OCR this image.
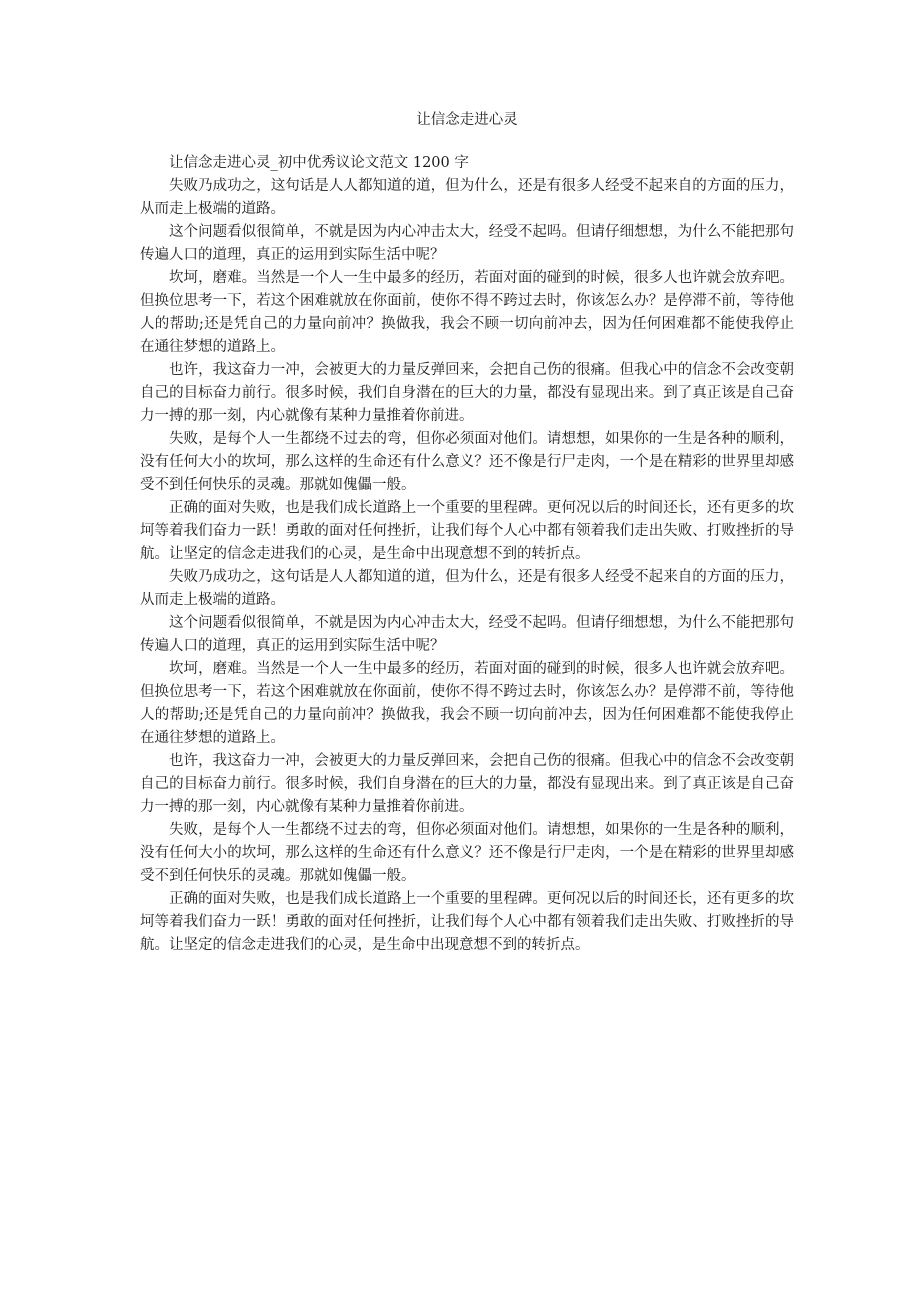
让信念走进心灵

让信念走进心灵_初中优秀议论文范文 1200 字

失败乃成功之，这句话是人人都知道的道，但为什么，还是有很多人经受不起来自的方面的压力，从而走上极端的道路。

这个问题看似很简单，不就是因为内心冲击太大，经受不起吗。但请仔细想想，为什么不能把那句传遍人口的道理，真正的运用到实际生活中呢？

坎坷，磨难。当然是一个人一生中最多的经历，若面对面的碰到的时候，很多人也许就会放弃吧。但换位思考一下，若这个困难就放在你面前，使你不得不跨过去时，你该怎么办？是停滞不前，等待他人的帮助;还是凭自己的力量向前冲？换做我，我会不顾一切向前冲去，因为任何困难都不能使我停止在通往梦想的道路上。

也许，我这奋力一冲，会被更大的力量反弹回来，会把自己伤的很痛。但我心中的信念不会改变朝自己的目标奋力前行。很多时候，我们自身潜在的巨大的力量，都没有显现出来。到了真正该是自己奋力一搏的那一刻，内心就像有某种力量推着你前进。

失败，是每个人一生都绕不过去的弯，但你必须面对他们。请想想，如果你的一生是各种的顺利，没有任何大小的坎坷，那么这样的生命还有什么意义？还不像是行尸走肉，一个是在精彩的世界里却感受不到任何快乐的灵魂。那就如傀儡一般。

正确的面对失败，也是我们成长道路上一个重要的里程碑。更何况以后的时间还长，还有更多的坎坷等着我们奋力一跃！勇敢的面对任何挫折，让我们每个人心中都有领着我们走出失败、打败挫折的导航。让坚定的信念走进我们的心灵，是生命中出现意想不到的转折点。

失败乃成功之，这句话是人人都知道的道，但为什么，还是有很多人经受不起来自的方面的压力，从而走上极端的道路。

这个问题看似很简单，不就是因为内心冲击太大，经受不起吗。但请仔细想想，为什么不能把那句传遍人口的道理，真正的运用到实际生活中呢？

坎坷，磨难。当然是一个人一生中最多的经历，若面对面的碰到的时候，很多人也许就会放弃吧。但换位思考一下，若这个困难就放在你面前，使你不得不跨过去时，你该怎么办？是停滞不前，等待他人的帮助;还是凭自己的力量向前冲？换做我，我会不顾一切向前冲去，因为任何困难都不能使我停止在通往梦想的道路上。

也许，我这奋力一冲，会被更大的力量反弹回来，会把自己伤的很痛。但我心中的信念不会改变朝自己的目标奋力前行。很多时候，我们自身潜在的巨大的力量，都没有显现出来。到了真正该是自己奋力一搏的那一刻，内心就像有某种力量推着你前进。

失败，是每个人一生都绕不过去的弯，但你必须面对他们。请想想，如果你的一生是各种的顺利，没有任何大小的坎坷，那么这样的生命还有什么意义？还不像是行尸走肉，一个是在精彩的世界里却感受不到任何快乐的灵魂。那就如傀儡一般。

正确的面对失败，也是我们成长道路上一个重要的里程碑。更何况以后的时间还长，还有更多的坎坷等着我们奋力一跃！勇敢的面对任何挫折，让我们每个人心中都有领着我们走出失败、打败挫折的导航。让坚定的信念走进我们的心灵，是生命中出现意想不到的转折点。
